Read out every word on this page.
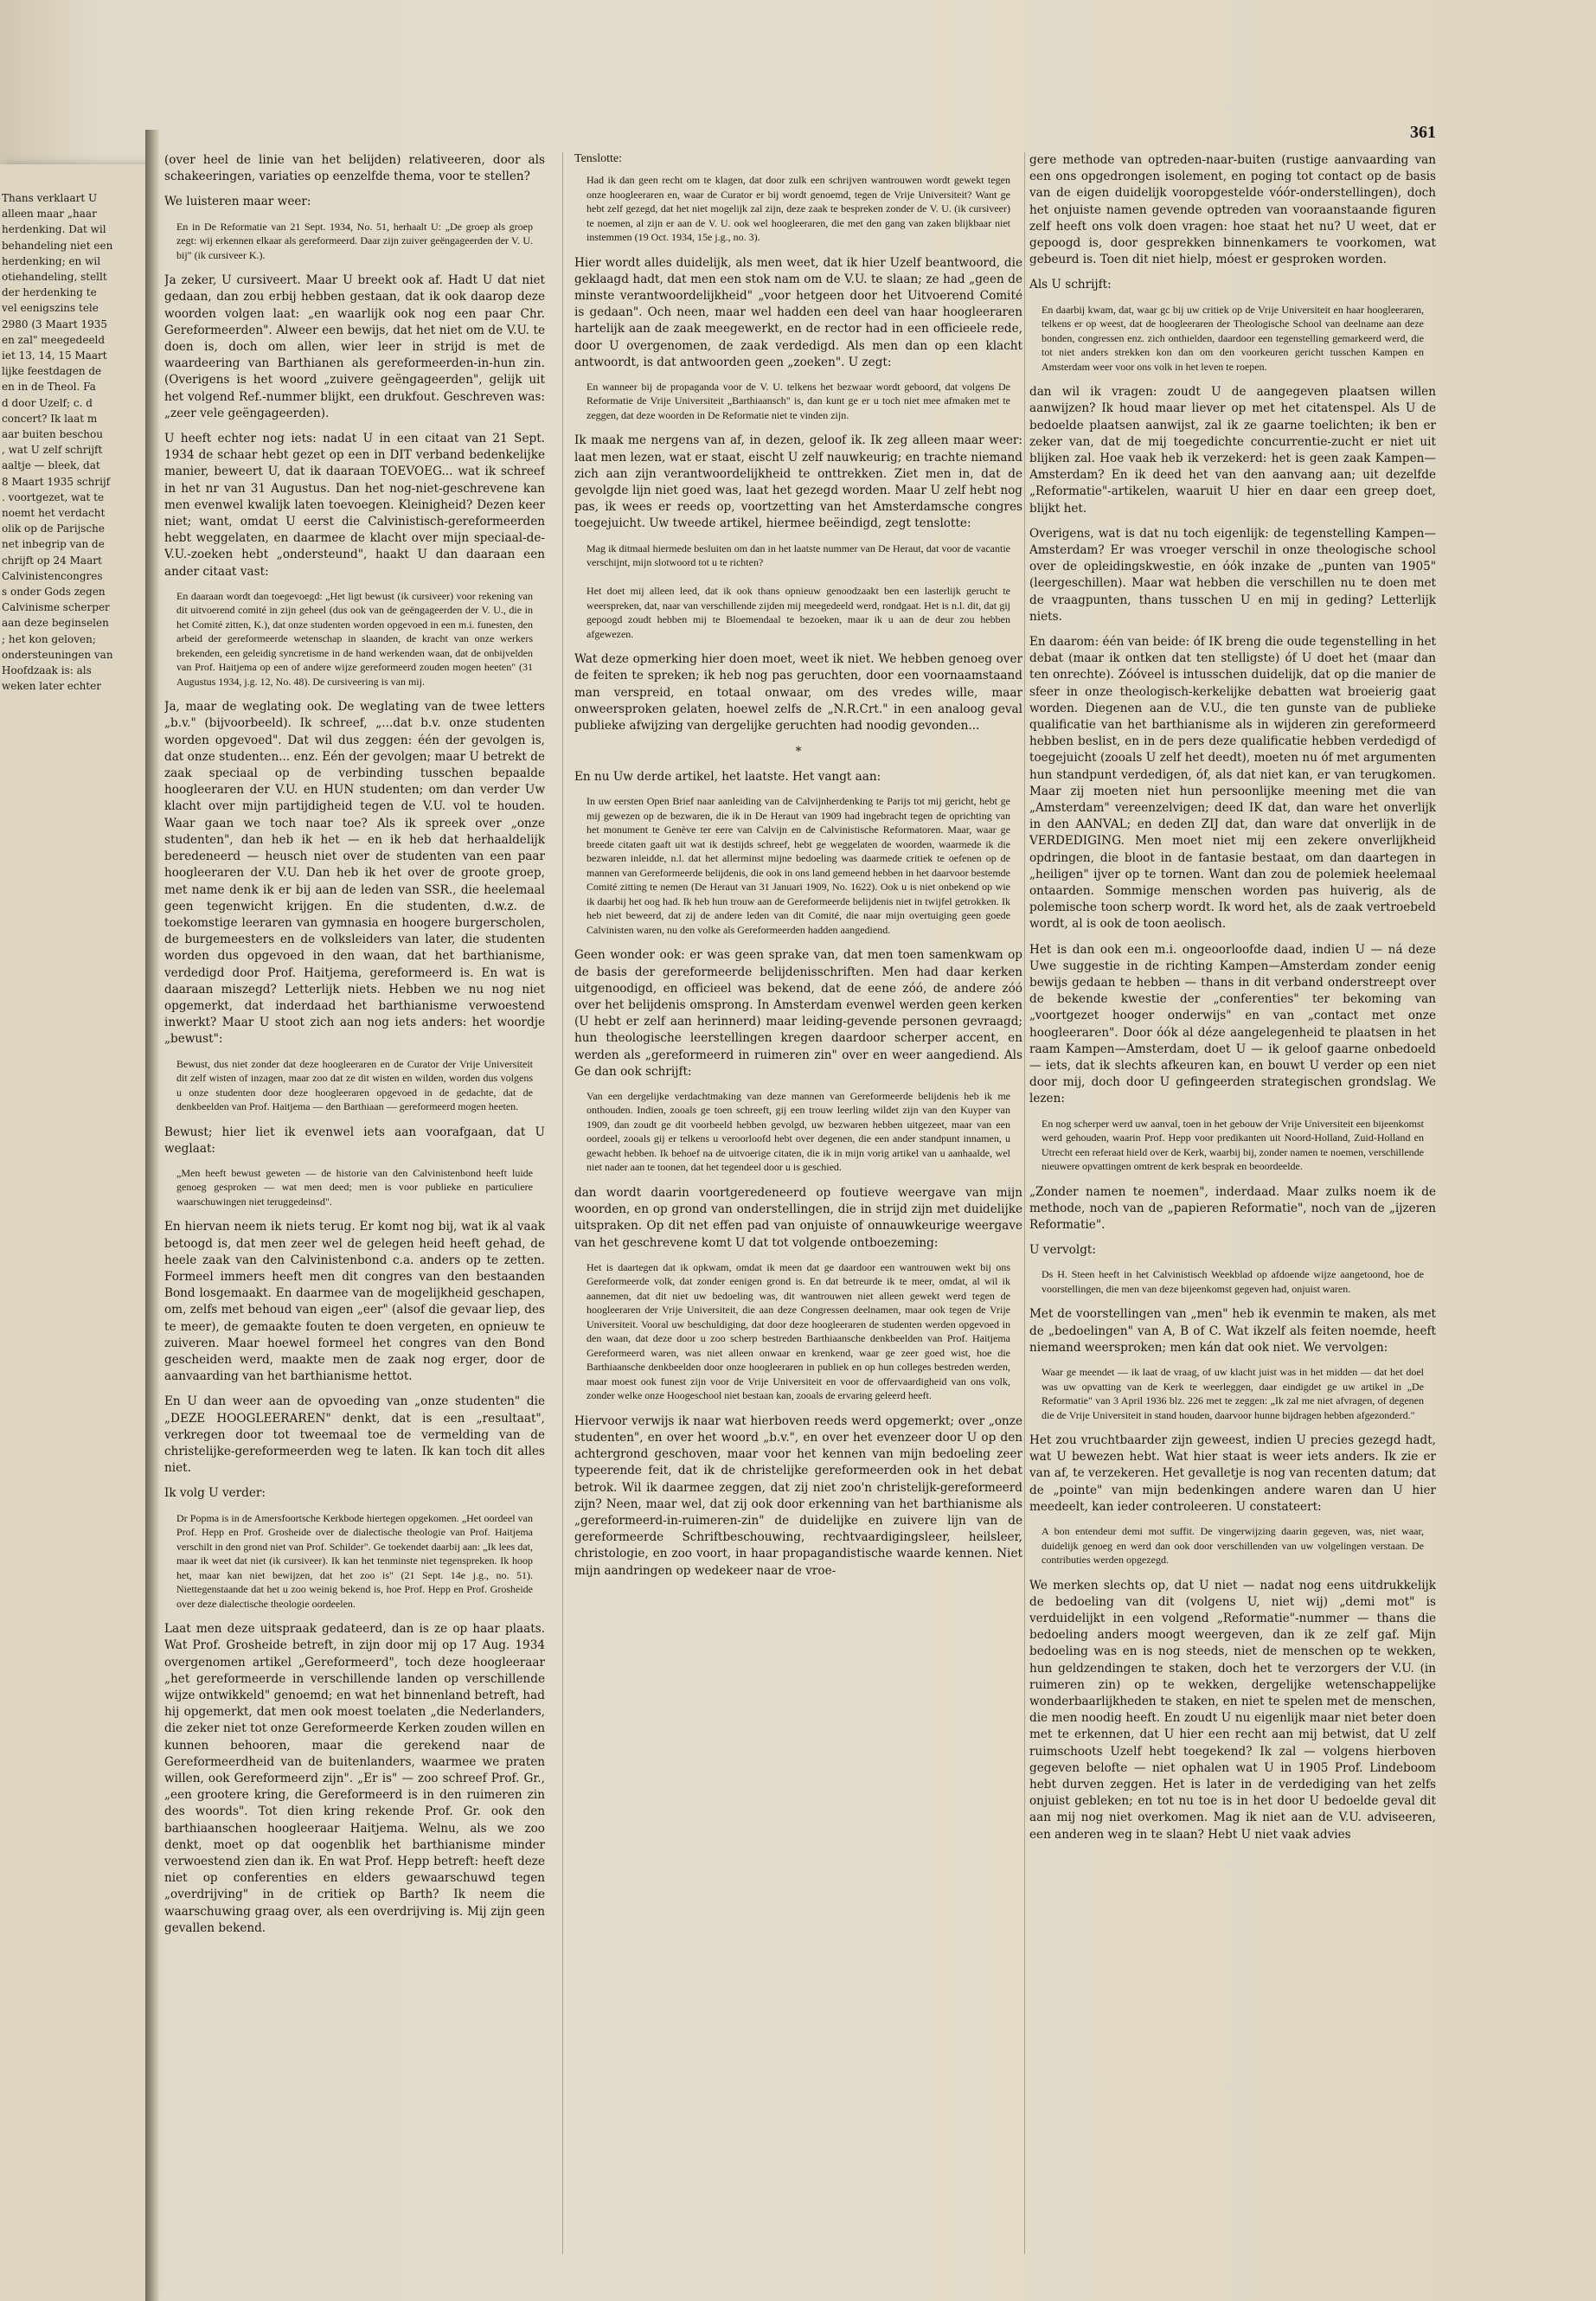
Thans verklaart U
alleen maar „haar
herdenking. Dat wil
behandeling niet een
herdenking; en wil
otiehandeling, stellt
der herdenking te
vel eenigszins tele
2980 (3 Maart 1935
en zal" meegedeeld
iet 13, 14, 15 Maart
lijke feestdagen de
en in de Theol. Fa
d door Uzelf; c. d
concert? Ik laat m
aar buiten beschou
, wat U zelf schrijft
aaltje — bleek, dat
8 Maart 1935 schrijf
. voortgezet, wat te
noemt het verdacht
olik op de Parijsche
net inbegrip van de
chrijft op 24 Maart
Calvinistencongres
s onder Gods zegen
Calvinisme scherper
aan deze beginselen
; het kon geloven;
ondersteuningen van
Hoofdzaak is: als
weken later echter
361

(over heel de linie van het belijden) relativeeren, door als schakeeringen, variaties op eenzelfde thema, voor te stellen?

We luisteren maar weer:

En in De Reformatie van 21 Sept. 1934, No. 51, herhaalt U: „De groep als groep zegt: wij erkennen elkaar als gereformeerd. Daar zijn zuiver geëngageerden der V. U. bij" (ik cursiveer K.).

Ja zeker, U cursiveert. Maar U breekt ook af. Hadt U dat niet gedaan, dan zou erbij hebben gestaan, dat ik ook daarop deze woorden volgen laat: „en waarlijk ook nog een paar Chr. Gereformeerden". Alweer een bewijs, dat het niet om de V.U. te doen is, doch om allen, wier leer in strijd is met de waardeering van Barthianen als gereformeerden-in-hun zin. (Overigens is het woord „zuivere geëngageerden", gelijk uit het volgend Ref.-nummer blijkt, een drukfout. Geschreven was: „zeer vele geëngageerden).

U heeft echter nog iets: nadat U in een citaat van 21 Sept. 1934 de schaar hebt gezet op een in DIT verband bedenkelijke manier, beweert U, dat ik daaraan TOEVOEG... wat ik schreef in het nr van 31 Augustus. Dan het nog-niet-geschrevene kan men evenwel kwalijk laten toevoegen. Kleinigheid? Dezen keer niet; want, omdat U eerst die Calvinistisch-gereformeerden hebt weggelaten, en daarmee de klacht over mijn speciaal-de-V.U.-zoeken hebt „ondersteund", haakt U dan daaraan een ander citaat vast:

En daaraan wordt dan toegevoegd: „Het ligt bewust (ik cursiveer) voor rekening van dit uitvoerend comité in zijn geheel (dus ook van de geëngageerden der V. U., die in het Comité zitten, K.), dat onze studenten worden opgevoed in een m.i. funesten, den arbeid der gereformeerde wetenschap in slaanden, de kracht van onze werkers brekenden, een geleidig syncretisme in de hand werkenden waan, dat de onbijvelden van Prof. Haitjema op een of andere wijze gereformeerd zouden mogen heeten" (31 Augustus 1934, j.g. 12, No. 48). De cursiveering is van mij.

Ja, maar de weglating ook. De weglating van de twee letters „b.v." (bijvoorbeeld). Ik schreef, „...dat b.v. onze studenten worden opgevoed". Dat wil dus zeggen: één der gevolgen is, dat onze studenten... enz. Eén der gevolgen; maar U betrekt de zaak speciaal op de verbinding tusschen bepaalde hoogleeraren der V.U. en HUN studenten; om dan verder Uw klacht over mijn partijdigheid tegen de V.U. vol te houden. Waar gaan we toch naar toe? Als ik spreek over „onze studenten", dan heb ik het — en ik heb dat herhaaldelijk beredeneerd — heusch niet over de studenten van een paar hoogleeraren der V.U. Dan heb ik het over de groote groep, met name denk ik er bij aan de leden van SSR., die heelemaal geen tegenwicht krijgen. En die studenten, d.w.z. de toekomstige leeraren van gymnasia en hoogere burgerscholen, de burgemeesters en de volksleiders van later, die studenten worden dus opgevoed in den waan, dat het barthianisme, verdedigd door Prof. Haitjema, gereformeerd is. En wat is daaraan miszegd? Letterlijk niets. Hebben we nu nog niet opgemerkt, dat inderdaad het barthianisme verwoestend inwerkt? Maar U stoot zich aan nog iets anders: het woordje „bewust":

Bewust, dus niet zonder dat deze hoogleeraren en de Curator der Vrije Universiteit dit zelf wisten of inzagen, maar zoo dat ze dit wisten en wilden, worden dus volgens u onze studenten door deze hoogleeraren opgevoed in de gedachte, dat de denkbeelden van Prof. Haitjema — den Barthiaan — gereformeerd mogen heeten.

Bewust; hier liet ik evenwel iets aan voorafgaan, dat U weglaat:

„Men heeft bewust geweten — de historie van den Calvinistenbond heeft luide genoeg gesproken — wat men deed; men is voor publieke en particuliere waarschuwingen niet teruggedeinsd".

En hiervan neem ik niets terug. Er komt nog bij, wat ik al vaak betoogd is, dat men zeer wel de gelegen heid heeft gehad, de heele zaak van den Calvinistenbond c.a. anders op te zetten. Formeel immers heeft men dit congres van den bestaanden Bond losgemaakt. En daarmee van de mogelijkheid geschapen, om, zelfs met behoud van eigen „eer" (alsof die gevaar liep, des te meer), de gemaakte fouten te doen vergeten, en opnieuw te zuiveren. Maar hoewel formeel het congres van den Bond gescheiden werd, maakte men de zaak nog erger, door de aanvaarding van het barthianisme hettot.

En U dan weer aan de opvoeding van „onze studenten" die „DEZE HOOGLEERAREN" denkt, dat is een „resultaat", verkregen door tot tweemaal toe de vermelding van de christelijke-gereformeerden weg te laten. Ik kan toch dit alles niet.

Ik volg U verder:

Dr Popma is in de Amersfoortsche Kerkbode hiertegen opgekomen. „Het oordeel van Prof. Hepp en Prof. Grosheide over de dialectische theologie van Prof. Haitjema verschilt in den grond niet van Prof. Schilder". Ge toekendet daarbij aan: „Ik lees dat, maar ik weet dat niet (ik cursiveer). Ik kan het tenminste niet tegenspreken. Ik hoop het, maar kan niet bewijzen, dat het zoo is" (21 Sept. 14e j.g., no. 51). Niettegenstaande dat het u zoo weinig bekend is, hoe Prof. Hepp en Prof. Grosheide over deze dialectische theologie oordeelen.

Laat men deze uitspraak gedateerd, dan is ze op haar plaats. Wat Prof. Grosheide betreft, in zijn door mij op 17 Aug. 1934 overgenomen artikel „Gereformeerd", toch deze hoogleeraar „het gereformeerde in verschillende landen op verschillende wijze ontwikkeld" genoemd; en wat het binnenland betreft, had hij opgemerkt, dat men ook moest toelaten „die Nederlanders, die zeker niet tot onze Gereformeerde Kerken zouden willen en kunnen behooren, maar die gerekend naar de Gereformeerdheid van de buitenlanders, waarmee we praten willen, ook Gereformeerd zijn". „Er is" — zoo schreef Prof. Gr., „een grootere kring, die Gereformeerd is in den ruimeren zin des woords". Tot dien kring rekende Prof. Gr. ook den barthiaanschen hoogleeraar Haitjema. Welnu, als we zoo denkt, moet op dat oogenblik het barthianisme minder verwoestend zien dan ik. En wat Prof. Hepp betreft: heeft deze niet op conferenties en elders gewaarschuwd tegen „overdrijving" in de critiek op Barth? Ik neem die waarschuwing graag over, als een overdrijving is. Mij zijn geen gevallen bekend.

Tenslotte:

Had ik dan geen recht om te klagen, dat door zulk een schrijven wantrouwen wordt gewekt tegen onze hoogleeraren en, waar de Curator er bij wordt genoemd, tegen de Vrije Universiteit? Want ge hebt zelf gezegd, dat het niet mogelijk zal zijn, deze zaak te bespreken zonder de V. U. (ik cursiveer) te noemen, al zijn er aan de V. U. ook wel hoogleeraren, die met den gang van zaken blijkbaar niet instemmen (19 Oct. 1934, 15e j.g., no. 3).

Hier wordt alles duidelijk, als men weet, dat ik hier Uzelf beantwoord, die geklaagd hadt, dat men een stok nam om de V.U. te slaan; ze had „geen de minste verantwoordelijkheid" „voor hetgeen door het Uitvoerend Comité is gedaan". Och neen, maar wel hadden een deel van haar hoogleeraren hartelijk aan de zaak meegewerkt, en de rector had in een officieele rede, door U overgenomen, de zaak verdedigd. Als men dan op een klacht antwoordt, is dat antwoorden geen „zoeken". U zegt:

En wanneer bij de propaganda voor de V. U. telkens het bezwaar wordt geboord, dat volgens De Reformatie de Vrije Universiteit „Barthiaansch" is, dan kunt ge er u toch niet mee afmaken met te zeggen, dat deze woorden in De Reformatie niet te vinden zijn.

Ik maak me nergens van af, in dezen, geloof ik. Ik zeg alleen maar weer: laat men lezen, wat er staat, eischt U zelf nauwkeurig; en trachte niemand zich aan zijn verantwoordelijkheid te onttrekken. Ziet men in, dat de gevolgde lijn niet goed was, laat het gezegd worden. Maar U zelf hebt nog pas, ik wees er reeds op, voortzetting van het Amsterdamsche congres toegejuicht. Uw tweede artikel, hiermee beëindigd, zegt tenslotte:

Mag ik ditmaal hiermede besluiten om dan in het laatste nummer van De Heraut, dat voor de vacantie verschijnt, mijn slotwoord tot u te richten?

Het doet mij alleen leed, dat ik ook thans opnieuw genoodzaakt ben een lasterlijk gerucht te weerspreken, dat, naar van verschillende zijden mij meegedeeld werd, rondgaat. Het is n.l. dit, dat gij gepoogd zoudt hebben mij te Bloemendaal te bezoeken, maar ik u aan de deur zou hebben afgewezen.

Wat deze opmerking hier doen moet, weet ik niet. We hebben genoeg over de feiten te spreken; ik heb nog pas geruchten, door een voornaamstaand man verspreid, en totaal onwaar, om des vredes wille, maar onweersproken gelaten, hoewel zelfs de „N.R.Crt." in een analoog geval publieke afwijzing van dergelijke geruchten had noodig gevonden...

*

En nu Uw derde artikel, het laatste. Het vangt aan:

In uw eersten Open Brief naar aanleiding van de Calvijnherdenking te Parijs tot mij gericht, hebt ge mij gewezen op de bezwaren, die ik in De Heraut van 1909 had ingebracht tegen de oprichting van het monument te Genève ter eere van Calvijn en de Calvinistische Reformatoren. Maar, waar ge breede citaten gaaft uit wat ik destijds schreef, hebt ge weggelaten de woorden, waarmede ik die bezwaren inleidde, n.l. dat het allerminst mijne bedoeling was daarmede critiek te oefenen op de mannen van Gereformeerde belijdenis, die ook in ons land gemeend hebben in het daarvoor bestemde Comité zitting te nemen (De Heraut van 31 Januari 1909, No. 1622). Ook u is niet onbekend op wie ik daarbij het oog had. Ik heb hun trouw aan de Gereformeerde belijdenis niet in twijfel getrokken. Ik heb niet beweerd, dat zij de andere leden van dit Comité, die naar mijn overtuiging geen goede Calvinisten waren, nu den volke als Gereformeerden hadden aangediend.

Geen wonder ook: er was geen sprake van, dat men toen samenkwam op de basis der gereformeerde belijdenisschriften. Men had daar kerken uitgenoodigd, en officieel was bekend, dat de eene zóó, de andere zóó over het belijdenis omsprong. In Amsterdam evenwel werden geen kerken (U hebt er zelf aan herinnerd) maar leiding-gevende personen gevraagd; hun theologische leerstellingen kregen daardoor scherper accent, en werden als „gereformeerd in ruimeren zin" over en weer aangediend. Als Ge dan ook schrijft:

Van een dergelijke verdachtmaking van deze mannen van Gereformeerde belijdenis heb ik me onthouden. Indien, zooals ge toen schreeft, gij een trouw leerling wildet zijn van den Kuyper van 1909, dan zoudt ge dit voorbeeld hebben gevolgd, uw bezwaren hebben uitgezeet, maar van een oordeel, zooals gij er telkens u veroorloofd hebt over degenen, die een ander standpunt innamen, u gewacht hebben. Ik behoef na de uitvoerige citaten, die ik in mijn vorig artikel van u aanhaalde, wel niet nader aan te toonen, dat het tegendeel door u is geschied.

dan wordt daarin voortgeredeneerd op foutieve weergave van mijn woorden, en op grond van onderstellingen, die in strijd zijn met duidelijke uitspraken. Op dit net effen pad van onjuiste of onnauwkeurige weergave van het geschrevene komt U dat tot volgende ontboezeming:

Het is daartegen dat ik opkwam, omdat ik meen dat ge daardoor een wantrouwen wekt bij ons Gereformeerde volk, dat zonder eenigen grond is. En dat betreurde ik te meer, omdat, al wil ik aannemen, dat dit niet uw bedoeling was, dit wantrouwen niet alleen gewekt werd tegen de hoogleeraren der Vrije Universiteit, die aan deze Congressen deelnamen, maar ook tegen de Vrije Universiteit. Vooral uw beschuldiging, dat door deze hoogleeraren de studenten werden opgevoed in den waan, dat deze door u zoo scherp bestreden Barthiaansche denkbeelden van Prof. Haitjema Gereformeerd waren, was niet alleen onwaar en krenkend, waar ge zeer goed wist, hoe die Barthiaansche denkbeelden door onze hoogleeraren in publiek en op hun colleges bestreden werden, maar moest ook funest zijn voor de Vrije Universiteit en voor de offervaardigheid van ons volk, zonder welke onze Hoogeschool niet bestaan kan, zooals de ervaring geleerd heeft.

Hiervoor verwijs ik naar wat hierboven reeds werd opgemerkt; over „onze studenten", en over het woord „b.v.", en over het evenzeer door U op den achtergrond geschoven, maar voor het kennen van mijn bedoeling zeer typeerende feit, dat ik de christelijke gereformeerden ook in het debat betrok. Wil ik daarmee zeggen, dat zij niet zoo'n christelijk-gereformeerd zijn? Neen, maar wel, dat zij ook door erkenning van het barthianisme als „gereformeerd-in-ruimeren-zin" de duidelijke en zuivere lijn van de gereformeerde Schriftbeschouwing, rechtvaardigingsleer, heilsleer, christologie, en zoo voort, in haar propagandistische waarde kennen. Niet mijn aandringen op wedekeer naar de vroe-

gere methode van optreden-naar-buiten (rustige aanvaarding van een ons opgedrongen isolement, en poging tot contact op de basis van de eigen duidelijk vooropgestelde vóór-onderstellingen), doch het onjuiste namen gevende optreden van vooraanstaande figuren zelf heeft ons volk doen vragen: hoe staat het nu? U weet, dat er gepoogd is, door gesprekken binnenkamers te voorkomen, wat gebeurd is. Toen dit niet hielp, móest er gesproken worden.

Als U schrijft:

En daarbij kwam, dat, waar gc bij uw critiek op de Vrije Universiteit en haar hoogleeraren, telkens er op weest, dat de hoogleeraren der Theologische School van deelname aan deze bonden, congressen enz. zich onthielden, daardoor een tegenstelling gemarkeerd werd, die tot niet anders strekken kon dan om den voorkeuren gericht tusschen Kampen en Amsterdam weer voor ons volk in het leven te roepen.

dan wil ik vragen: zoudt U de aangegeven plaatsen willen aanwijzen? Ik houd maar liever op met het citatenspel. Als U de bedoelde plaatsen aanwijst, zal ik ze gaarne toelichten; ik ben er zeker van, dat de mij toegedichte concurrentie-zucht er niet uit blijken zal. Hoe vaak heb ik verzekerd: het is geen zaak Kampen—Amsterdam? En ik deed het van den aanvang aan; uit dezelfde „Reformatie"-artikelen, waaruit U hier en daar een greep doet, blijkt het.

Overigens, wat is dat nu toch eigenlijk: de tegenstelling Kampen—Amsterdam? Er was vroeger verschil in onze theologische school over de opleidingskwestie, en óók inzake de „punten van 1905" (leergeschillen). Maar wat hebben die verschillen nu te doen met de vraagpunten, thans tusschen U en mij in geding? Letterlijk niets.

En daarom: één van beide: óf IK breng die oude tegenstelling in het debat (maar ik ontken dat ten stelligste) óf U doet het (maar dan ten onrechte). Zóóveel is intusschen duidelijk, dat op die manier de sfeer in onze theologisch-kerkelijke debatten wat broeierig gaat worden. Diegenen aan de V.U., die ten gunste van de publieke qualificatie van het barthianisme als in wijderen zin gereformeerd hebben beslist, en in de pers deze qualificatie hebben verdedigd of toegejuicht (zooals U zelf het deedt), moeten nu óf met argumenten hun standpunt verdedigen, óf, als dat niet kan, er van terugkomen. Maar zij moeten niet hun persoonlijke meening met die van „Amsterdam" vereenzelvigen; deed IK dat, dan ware het onverlijk in den AANVAL; en deden ZIJ dat, dan ware dat onverlijk in de VERDEDIGING. Men moet niet mij een zekere onverlijkheid opdringen, die bloot in de fantasie bestaat, om dan daartegen in „heiligen" ijver op te tornen. Want dan zou de polemiek heelemaal ontaarden. Sommige menschen worden pas huiverig, als de polemische toon scherp wordt. Ik word het, als de zaak vertroebeld wordt, al is ook de toon aeolisch.

Het is dan ook een m.i. ongeoorloofde daad, indien U — ná deze Uwe suggestie in de richting Kampen—Amsterdam zonder eenig bewijs gedaan te hebben — thans in dit verband onderstreept over de bekende kwestie der „conferenties" ter bekoming van „voortgezet hooger onderwijs" en van „contact met onze hoogleeraren". Door óók al déze aangelegenheid te plaatsen in het raam Kampen—Amsterdam, doet U — ik geloof gaarne onbedoeld — iets, dat ik slechts afkeuren kan, en bouwt U verder op een niet door mij, doch door U gefingeerden strategischen grondslag. We lezen:

En nog scherper werd uw aanval, toen in het gebouw der Vrije Universiteit een bijeenkomst werd gehouden, waarin Prof. Hepp voor predikanten uit Noord-Holland, Zuid-Holland en Utrecht een referaat hield over de Kerk, waarbij bij, zonder namen te noemen, verschillende nieuwere opvattingen omtrent de kerk besprak en beoordeelde.

„Zonder namen te noemen", inderdaad. Maar zulks noem ik de methode, noch van de „papieren Reformatie", noch van de „ijzeren Reformatie".

U vervolgt:

Ds H. Steen heeft in het Calvinistisch Weekblad op afdoende wijze aangetoond, hoe de voorstellingen, die men van deze bijeenkomst gegeven had, onjuist waren.

Met de voorstellingen van „men" heb ik evenmin te maken, als met de „bedoelingen" van A, B of C. Wat ikzelf als feiten noemde, heeft niemand weersproken; men kán dat ook niet. We vervolgen:

Waar ge meendet — ik laat de vraag, of uw klacht juist was in het midden — dat het doel was uw opvatting van de Kerk te weerleggen, daar eindigdet ge uw artikel in „De Reformatie" van 3 April 1936 blz. 226 met te zeggen: „Ik zal me niet afvragen, of degenen die de Vrije Universiteit in stand houden, daarvoor hunne bijdragen hebben afgezonderd."

Het zou vruchtbaarder zijn geweest, indien U precies gezegd hadt, wat U bewezen hebt. Wat hier staat is weer iets anders. Ik zie er van af, te verzekeren. Het gevalletje is nog van recenten datum; dat de „pointe" van mijn bedenkingen andere waren dan U hier meedeelt, kan ieder controleeren. U constateert:

A bon entendeur demi mot suffit. De vingerwijzing daarin gegeven, was, niet waar, duidelijk genoeg en werd dan ook door verschillenden van uw volgelingen verstaan. De contributies werden opgezegd.

We merken slechts op, dat U niet — nadat nog eens uitdrukkelijk de bedoeling van dit (volgens U, niet wij) „demi mot" is verduidelijkt in een volgend „Reformatie"-nummer — thans die bedoeling anders moogt weergeven, dan ik ze zelf gaf. Mijn bedoeling was en is nog steeds, niet de menschen op te wekken, hun geldzendingen te staken, doch het te verzorgers der V.U. (in ruimeren zin) op te wekken, dergelijke wetenschappelijke wonderbaarlijkheden te staken, en niet te spelen met de menschen, die men noodig heeft. En zoudt U nu eigenlijk maar niet beter doen met te erkennen, dat U hier een recht aan mij betwist, dat U zelf ruimschoots Uzelf hebt toegekend? Ik zal — volgens hierboven gegeven belofte — niet ophalen wat U in 1905 Prof. Lindeboom hebt durven zeggen. Het is later in de verdediging van het zelfs onjuist gebleken; en tot nu toe is in het door U bedoelde geval dit aan mij nog niet overkomen. Mag ik niet aan de V.U. adviseeren, een anderen weg in te slaan? Hebt U niet vaak advies
